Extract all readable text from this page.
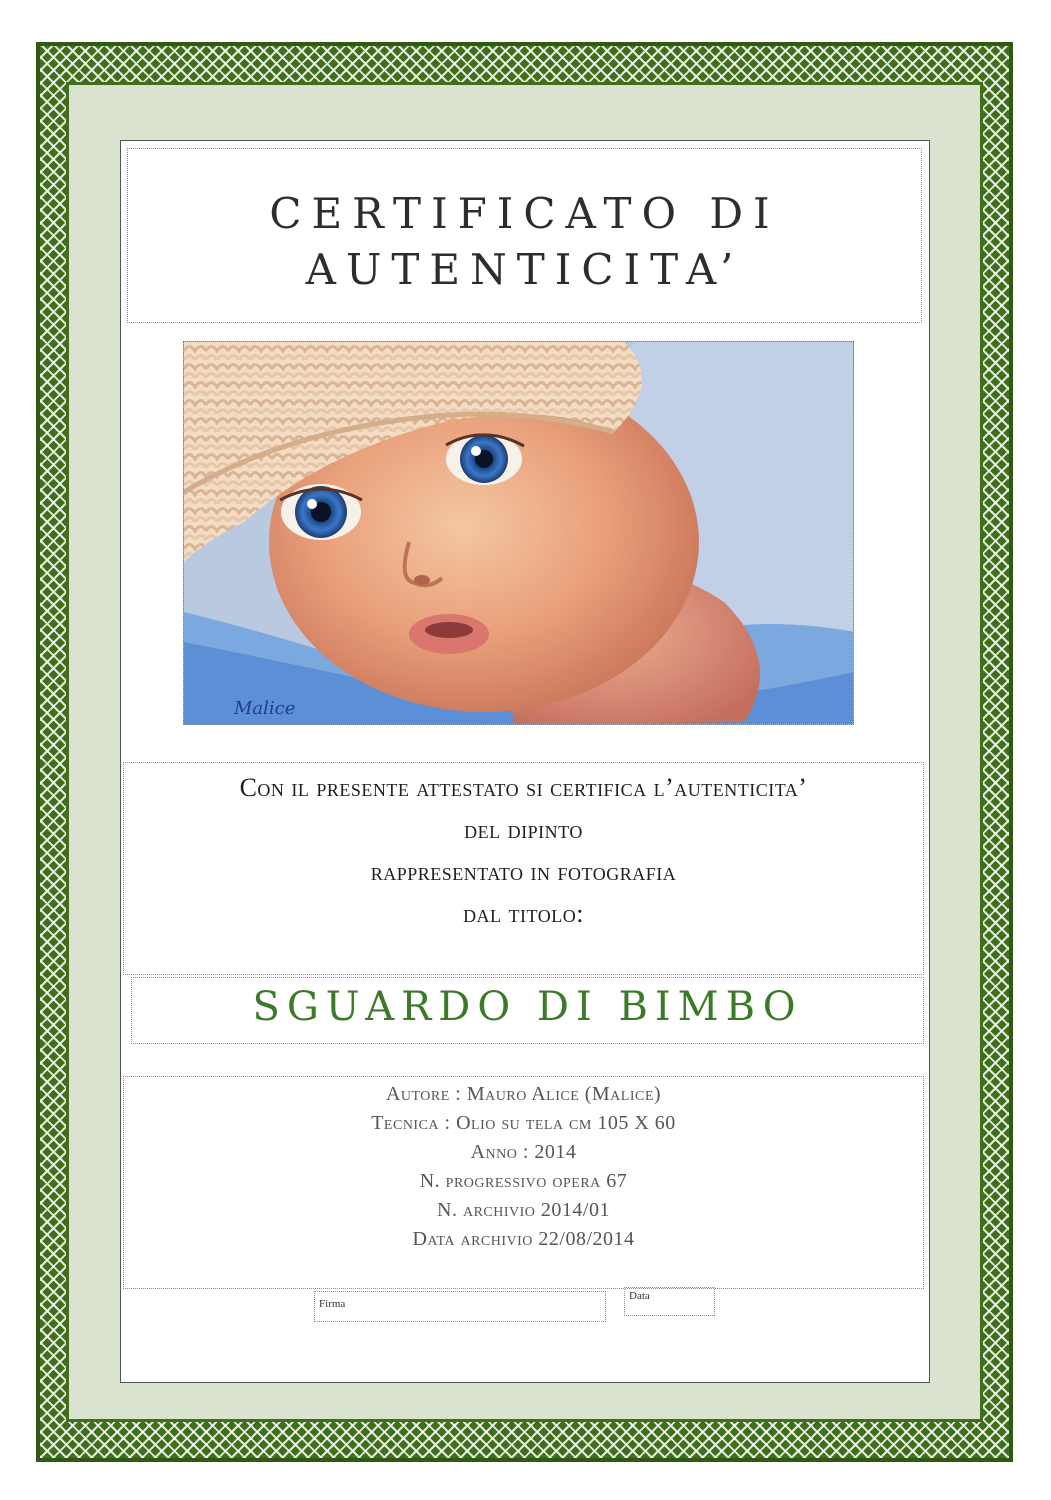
CERTIFICATO DI
AUTENTICITA’
Malice
Con il presente attestato si certifica l’autenticita’
del dipinto
rappresentato in fotografia
dal titolo:
SGUARDO DI BIMBO
Autore : Mauro Alice (Malice)
Tecnica : Olio su tela cm 105 X 60
Anno : 2014
N. progressivo opera 67
N. archivio 2014/01
Data archivio 22/08/2014
Firma
Data
